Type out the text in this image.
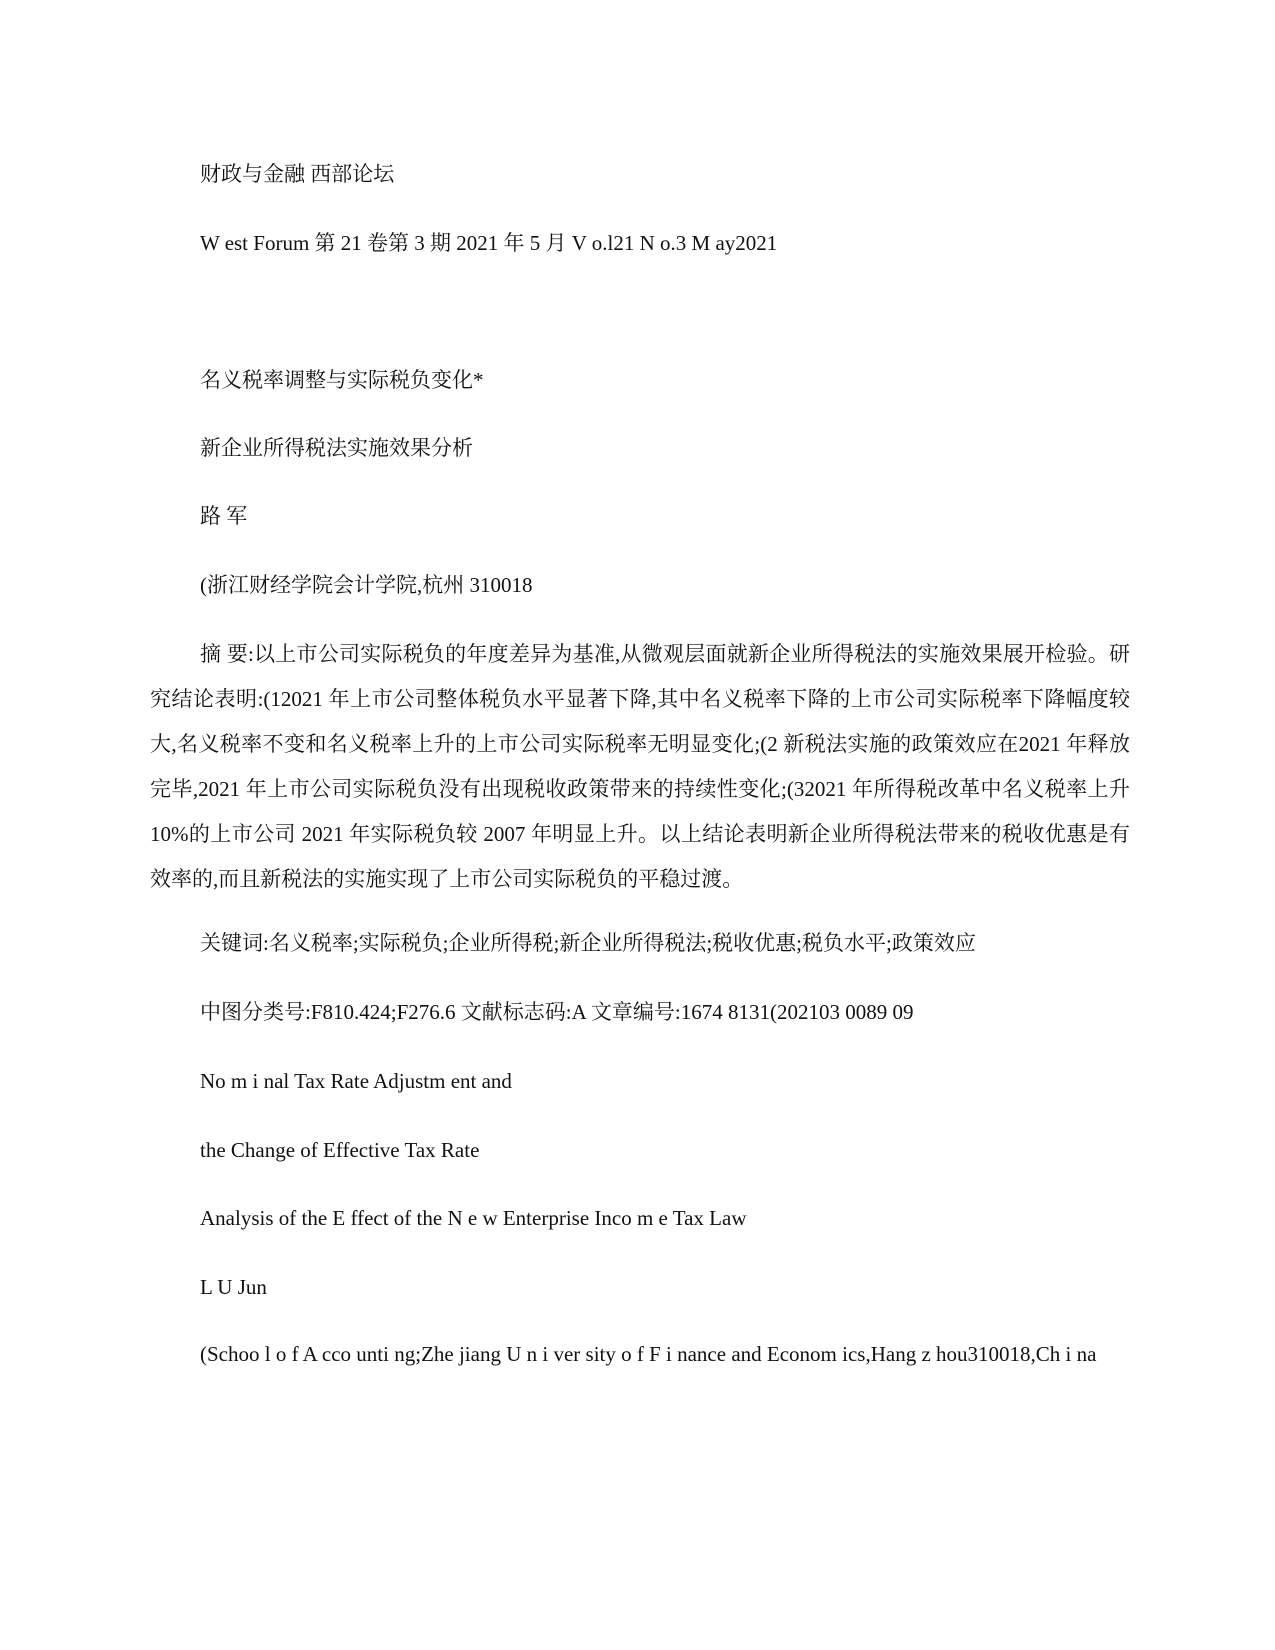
财政与金融 西部论坛
W est Forum 第 21 卷第 3 期 2021 年 5 月 V o.l21 N o.3 M ay2021
名义税率调整与实际税负变化*
新企业所得税法实施效果分析
路 军
(浙江财经学院会计学院,杭州 310018
摘 要:以上市公司实际税负的年度差异为基准,从微观层面就新企业所得税法的实施效果展开检验。研究结论表明:(12021 年上市公司整体税负水平显著下降,其中名义税率下降的上市公司实际税率下降幅度较大,名义税率不变和名义税率上升的上市公司实际税率无明显变化;(2 新税法实施的政策效应在2021 年释放完毕,2021 年上市公司实际税负没有出现税收政策带来的持续性变化;(32021 年所得税改革中名义税率上升 10%的上市公司 2021 年实际税负较 2007 年明显上升。以上结论表明新企业所得税法带来的税收优惠是有效率的,而且新税法的实施实现了上市公司实际税负的平稳过渡。
关键词:名义税率;实际税负;企业所得税;新企业所得税法;税收优惠;税负水平;政策效应
中图分类号:F810.424;F276.6 文献标志码:A 文章编号:1674 8131(202103 0089 09
No m i nal Tax Rate Adjustm ent and
the Change of Effective Tax Rate
Analysis of the E ffect of the N e w Enterprise Inco m e Tax Law
L U Jun
(Schoo l o f A cco unti ng;Zhe jiang U n i ver sity o f F i nance and Econom ics,Hang z hou310018,Ch i na
